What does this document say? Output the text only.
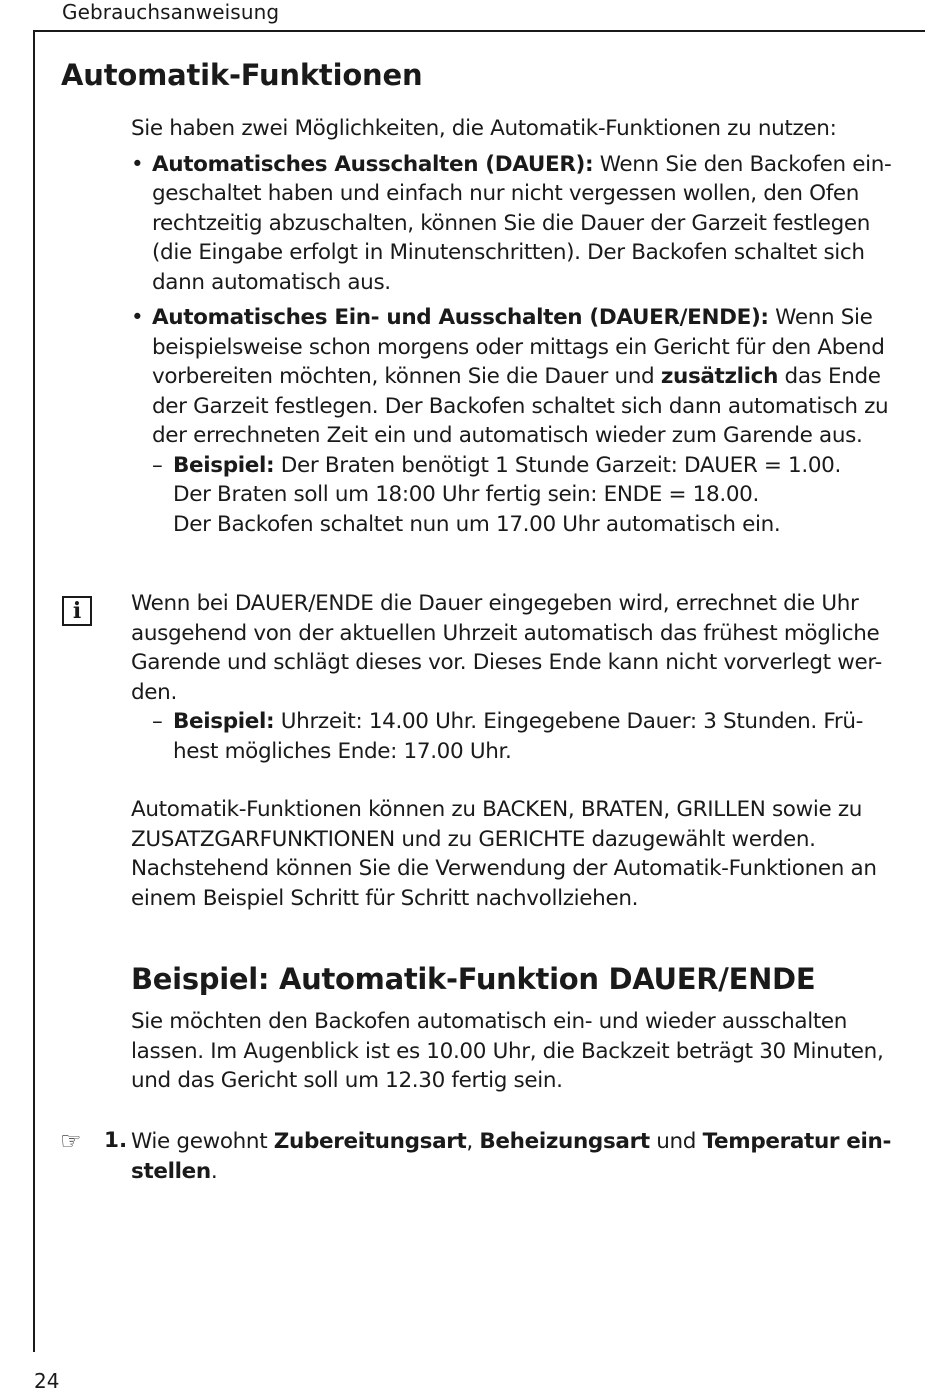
Gebrauchsanweisung
Automatik-Funktionen

Sie haben zwei Möglichkeiten, die Automatik-Funktionen zu nutzen:

• Automatisches Ausschalten (DAUER): Wenn Sie den Backofen ein-geschaltet haben und einfach nur nicht vergessen wollen, den Ofen rechtzeitig abzuschalten, können Sie die Dauer der Garzeit festlegen (die Eingabe erfolgt in Minutenschritten). Der Backofen schaltet sich dann automatisch aus.
• Automatisches Ein- und Ausschalten (DAUER/ENDE): Wenn Sie beispielsweise schon morgens oder mittags ein Gericht für den Abend vorbereiten möchten, können Sie die Dauer und zusätzlich das Ende der Garzeit festlegen. Der Backofen schaltet sich dann automatisch zu der errechneten Zeit ein und automatisch wieder zum Garende aus.
– Beispiel: Der Braten benötigt 1 Stunde Garzeit: DAUER = 1.00.
Der Braten soll um 18:00 Uhr fertig sein: ENDE = 18.00.
Der Backofen schaltet nun um 17.00 Uhr automatisch ein.
i	Wenn bei DAUER/ENDE die Dauer eingegeben wird, errechnet die Uhr ausgehend von der aktuellen Uhrzeit automatisch das frühest mögliche Garende und schlägt dieses vor. Dieses Ende kann nicht vorverlegt wer-den.

– Beispiel: Uhrzeit: 14.00 Uhr. Eingegebene Dauer: 3 Stunden. Frü-hest mögliches Ende: 17.00 Uhr.

Automatik-Funktionen können zu BACKEN, BRATEN, GRILLEN sowie zu ZUSATZGARFUNKTIONEN und zu GERICHTE dazugewählt werden. Nachstehend können Sie die Verwendung der Automatik-Funktionen an einem Beispiel Schritt für Schritt nachvollziehen.

Beispiel: Automatik-Funktion DAUER/ENDE

Sie möchten den Backofen automatisch ein- und wieder ausschalten lassen. Im Augenblick ist es 10.00 Uhr, die Backzeit beträgt 30 Minuten, und das Gericht soll um 12.30 fertig sein.

☞ 1. Wie gewohnt Zubereitungsart, Beheizungsart und Temperatur ein-stellen.

24
